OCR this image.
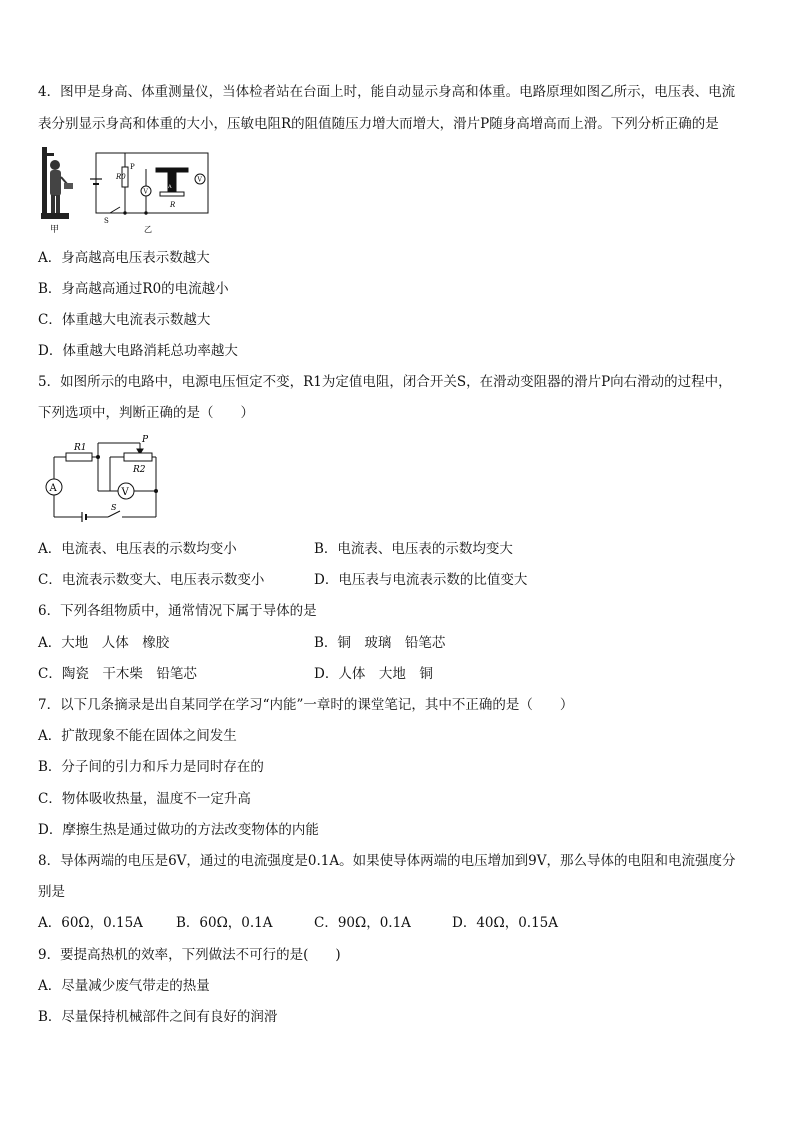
4．图甲是身高、体重测量仪，当体检者站在台面上时，能自动显示身高和体重。电路原理如图乙所示，电压表、电流
表分别显示身高和体重的大小，压敏电阻R的阻值随压力增大而增大，滑片P随身高增高而上滑。下列分析正确的是
甲
R0
P
V
V
A
R
S
乙
A．身高越高电压表示数越大
B．身高越高通过R0的电流越小
C．体重越大电流表示数越大
D．体重越大电路消耗总功率越大
5．如图所示的电路中，电源电压恒定不变，R1为定值电阻，闭合开关S，在滑动变阻器的滑片P向右滑动的过程中，
下列选项中，判断正确的是（　　）
R1
R2
P
A	V
S
A．电流表、电压表的示数均变小	B．电流表、电压表的示数均变大
C．电流表示数变大、电压表示数变小	D．电压表与电流表示数的比值变大
6．下列各组物质中，通常情况下属于导体的是
A．大地　人体　橡胶	B．铜　玻璃　铅笔芯
C．陶瓷　干木柴　铅笔芯	D．人体　大地　铜
7．以下几条摘录是出自某同学在学习“内能”一章时的课堂笔记，其中不正确的是（　　）
A．扩散现象不能在固体之间发生
B．分子间的引力和斥力是同时存在的
C．物体吸收热量，温度不一定升高
D．摩擦生热是通过做功的方法改变物体的内能
8．导体两端的电压是6V，通过的电流强度是0.1A。如果使导体两端的电压增加到9V，那么导体的电阻和电流强度分
别是
A．60Ω，0.15A B．60Ω，0.1A	C．90Ω，0.1A	D．40Ω，0.15A
9．要提高热机的效率，下列做法不可行的是(　　)
A．尽量减少废气带走的热量
B．尽量保持机械部件之间有良好的润滑
